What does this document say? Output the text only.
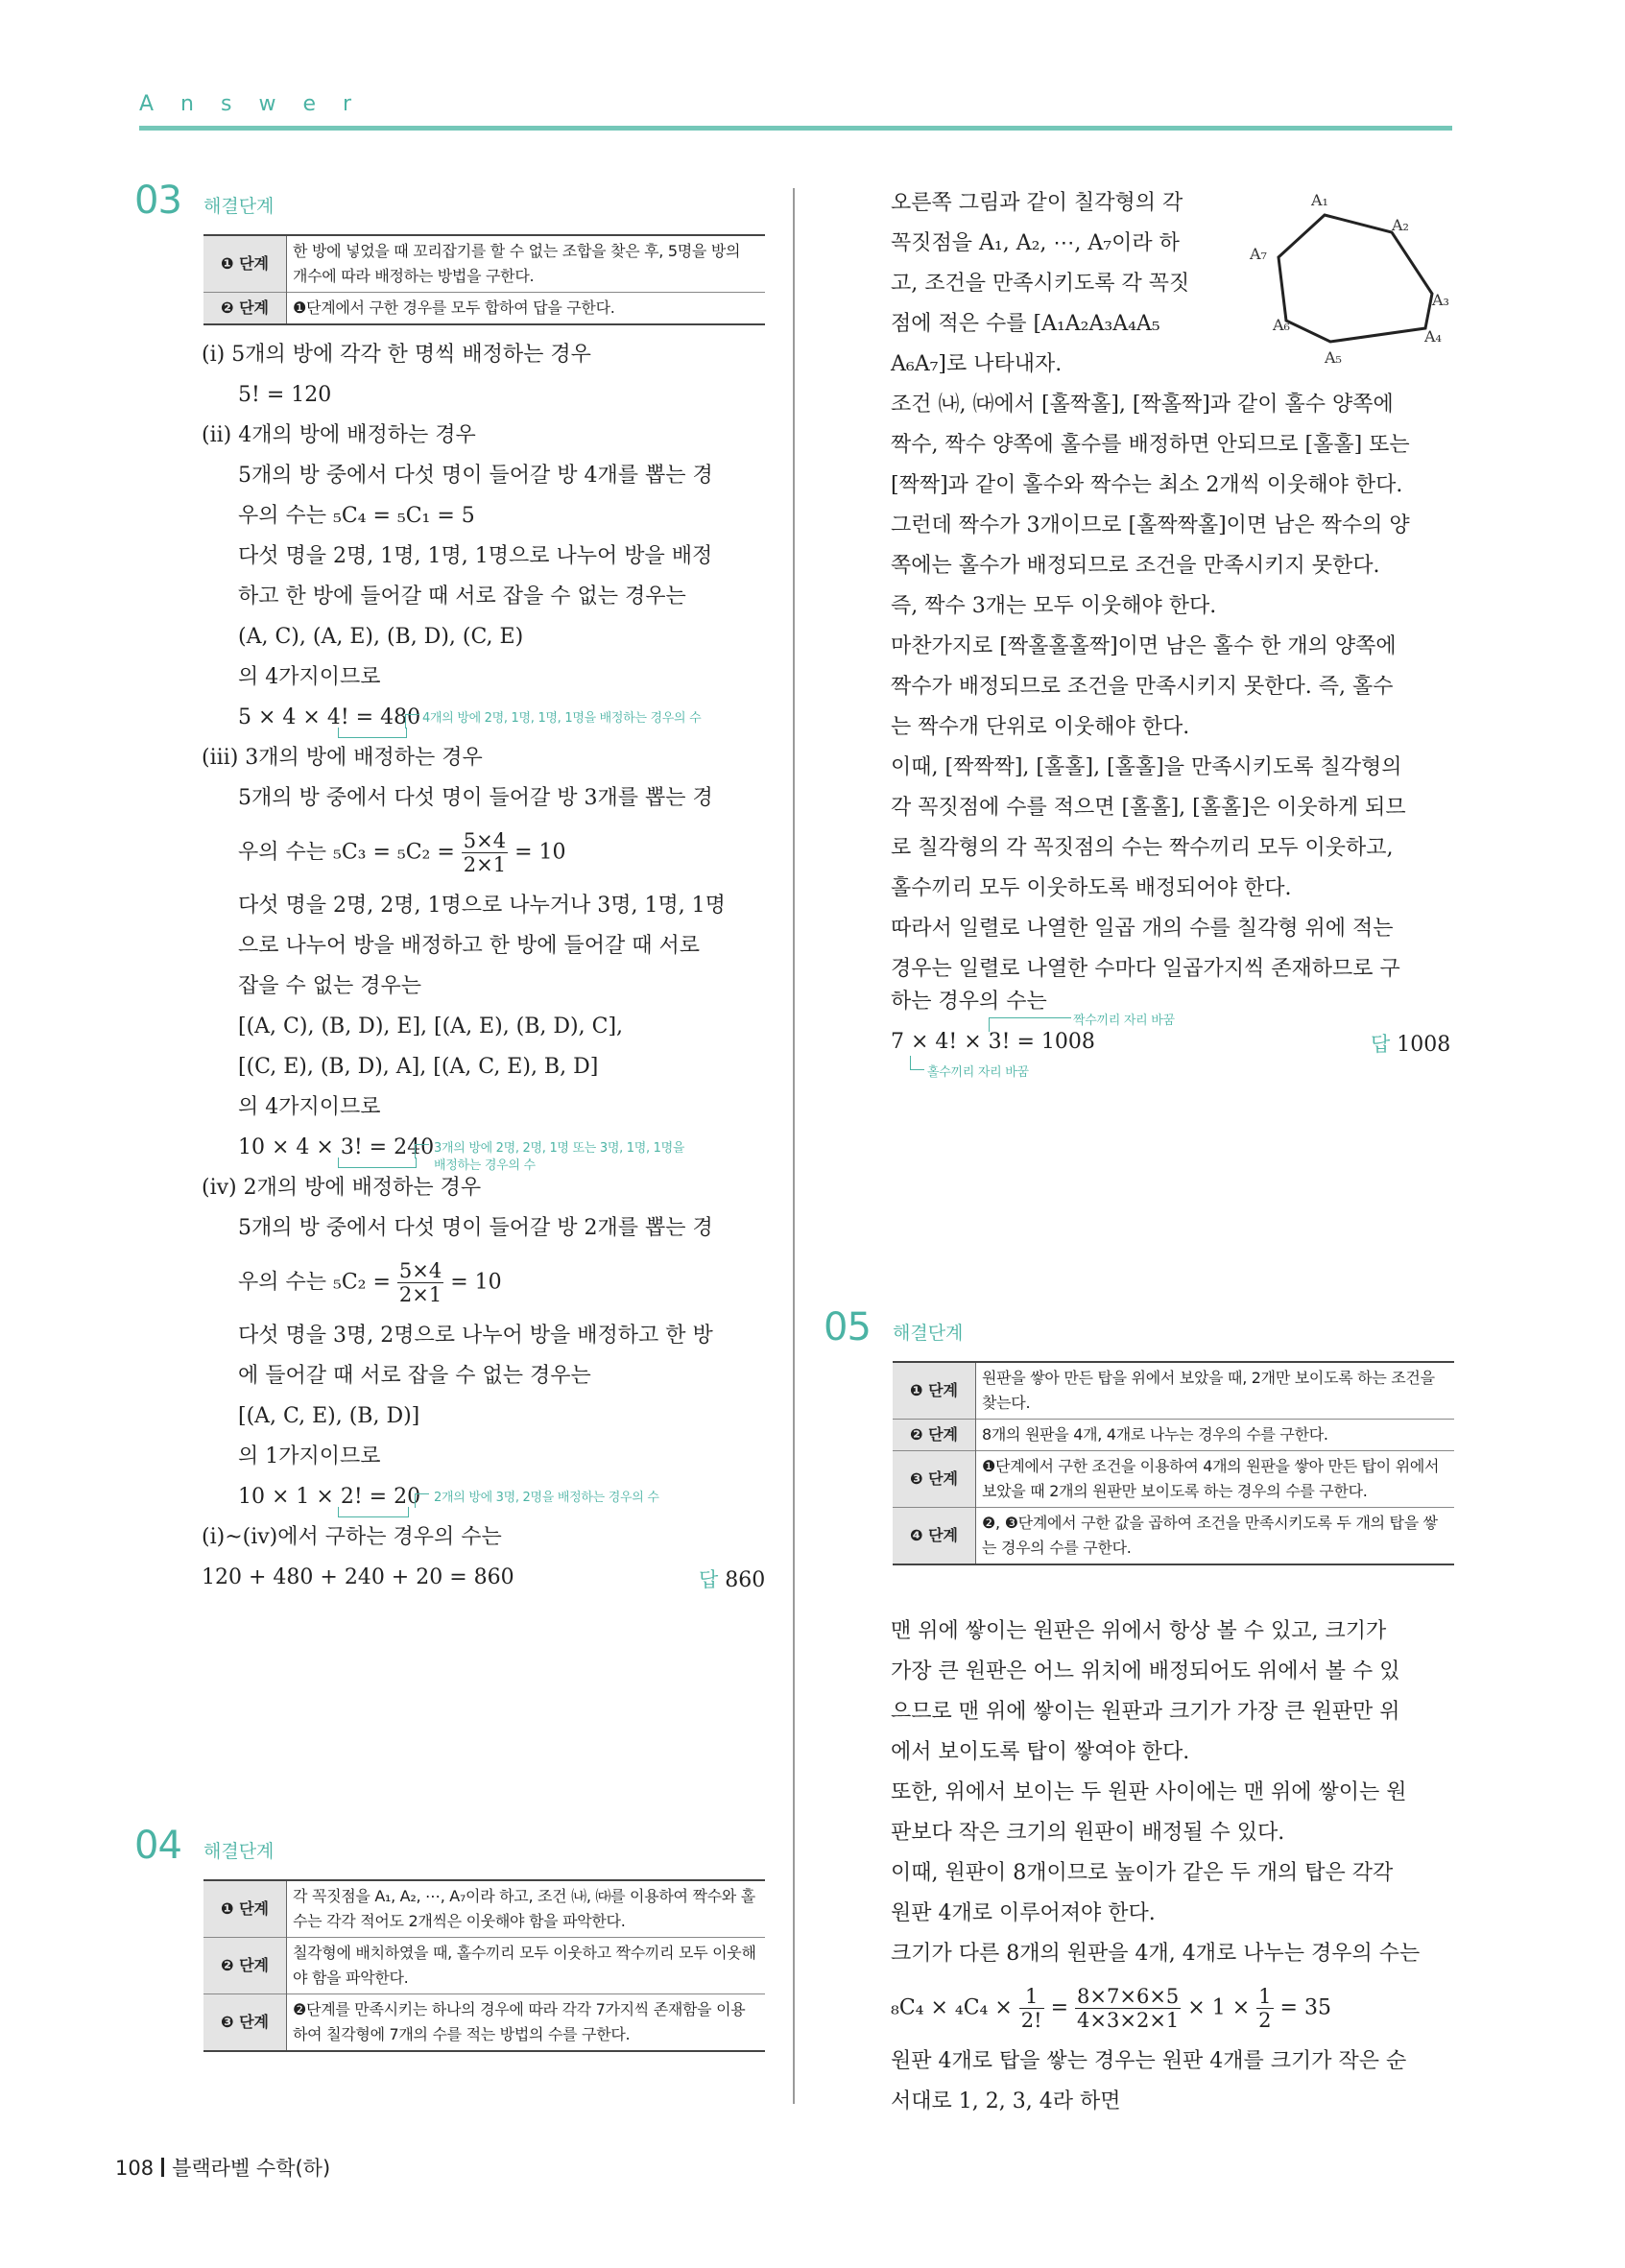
Answer
03 해결단계
❶ 단계	한 방에 넣었을 때 꼬리잡기를 할 수 없는 조합을 찾은 후, 5명을 방의 개수에 따라 배정하는 방법을 구한다.
❷ 단계	❶단계에서 구한 경우를 모두 합하여 답을 구한다.
(ⅰ) 5개의 방에 각각 한 명씩 배정하는 경우
5! = 120
(ⅱ) 4개의 방에 배정하는 경우
5개의 방 중에서 다섯 명이 들어갈 방 4개를 뽑는 경
우의 수는 ₅C₄ = ₅C₁ = 5
다섯 명을 2명, 1명, 1명, 1명으로 나누어 방을 배정
하고 한 방에 들어갈 때 서로 잡을 수 없는 경우는
(A, C), (A, E), (B, D), (C, E)
의 4가지이므로
5 × 4 × 4! = 480 4개의 방에 2명, 1명, 1명, 1명을 배정하는 경우의 수
(ⅲ) 3개의 방에 배정하는 경우
5개의 방 중에서 다섯 명이 들어갈 방 3개를 뽑는 경
우의 수는 $_5C_3 = _5C_2 = \frac{5\times 4}{2\times 1} = 10$
다섯 명을 2명, 2명, 1명으로 나누거나 3명, 1명, 1명
으로 나누어 방을 배정하고 한 방에 들어갈 때 서로
잡을 수 없는 경우는
[(A, C), (B, D), E], [(A, E), (B, D), C],
[(C, E), (B, D), A], [(A, C, E), B, D]
의 4가지이므로
10 × 4 × 3! = 240 3개의 방에 2명, 2명, 1명 또는 3명, 1명, 1명을
배정하는 경우의 수
(ⅳ) 2개의 방에 배정하는 경우
5개의 방 중에서 다섯 명이 들어갈 방 2개를 뽑는 경
우의 수는 $_5C_2 = \frac{5\times 4}{2\times 1} = 10$
다섯 명을 3명, 2명으로 나누어 방을 배정하고 한 방
에 들어갈 때 서로 잡을 수 없는 경우는
[(A, C, E), (B, D)]
의 1가지이므로
10 × 1 × 2! = 20 2개의 방에 3명, 2명을 배정하는 경우의 수
(ⅰ)~(ⅳ)에서 구하는 경우의 수는
120 + 480 + 240 + 20 = 860	답 860
04 해결단계
❶ 단계	각 꼭짓점을 A₁, A₂, ⋯, A₇이라 하고, 조건 ㈏, ㈐를 이용하여 짝수와 홀수는 각각 적어도 2개씩은 이웃해야 함을 파악한다.
❷ 단계	칠각형에 배치하였을 때, 홀수끼리 모두 이웃하고 짝수끼리 모두 이웃해야 함을 파악한다.
❸ 단계	❷단계를 만족시키는 하나의 경우에 따라 각각 7가지씩 존재함을 이용하여 칠각형에 7개의 수를 적는 방법의 수를 구한다.
오른쪽 그림과 같이 칠각형의 각
꼭짓점을 A₁, A₂, ⋯, A₇이라 하
고, 조건을 만족시키도록 각 꼭짓
점에 적은 수를 [A₁A₂A₃A₄A₅
A₆A₇]로 나타내자.
A₁
A₂
A₃
A₄
A₅
A₆
A₇
조건 ㈏, ㈐에서 [홀짝홀], [짝홀짝]과 같이 홀수 양쪽에
짝수, 짝수 양쪽에 홀수를 배정하면 안되므로 [홀홀] 또는
[짝짝]과 같이 홀수와 짝수는 최소 2개씩 이웃해야 한다.
그런데 짝수가 3개이므로 [홀짝짝홀]이면 남은 짝수의 양
쪽에는 홀수가 배정되므로 조건을 만족시키지 못한다.
즉, 짝수 3개는 모두 이웃해야 한다.
마찬가지로 [짝홀홀홀짝]이면 남은 홀수 한 개의 양쪽에
짝수가 배정되므로 조건을 만족시키지 못한다. 즉, 홀수
는 짝수개 단위로 이웃해야 한다.
이때, [짝짝짝], [홀홀], [홀홀]을 만족시키도록 칠각형의
각 꼭짓점에 수를 적으면 [홀홀], [홀홀]은 이웃하게 되므
로 칠각형의 각 꼭짓점의 수는 짝수끼리 모두 이웃하고,
홀수끼리 모두 이웃하도록 배정되어야 한다.
따라서 일렬로 나열한 일곱 개의 수를 칠각형 위에 적는
경우는 일렬로 나열한 수마다 일곱가지씩 존재하므로 구
하는 경우의 수는
짝수끼리 자리 바꿈
7 × 4! × 3! = 1008
홀수끼리 자리 바꿈
답 1008
05 해결단계
❶ 단계	원판을 쌓아 만든 탑을 위에서 보았을 때, 2개만 보이도록 하는 조건을 찾는다.
❷ 단계	8개의 원판을 4개, 4개로 나누는 경우의 수를 구한다.
❸ 단계	❶단계에서 구한 조건을 이용하여 4개의 원판을 쌓아 만든 탑이 위에서 보았을 때 2개의 원판만 보이도록 하는 경우의 수를 구한다.
❹ 단계	❷, ❸단계에서 구한 값을 곱하여 조건을 만족시키도록 두 개의 탑을 쌓는 경우의 수를 구한다.
맨 위에 쌓이는 원판은 위에서 항상 볼 수 있고, 크기가
가장 큰 원판은 어느 위치에 배정되어도 위에서 볼 수 있
으므로 맨 위에 쌓이는 원판과 크기가 가장 큰 원판만 위
에서 보이도록 탑이 쌓여야 한다.
또한, 위에서 보이는 두 원판 사이에는 맨 위에 쌓이는 원
판보다 작은 크기의 원판이 배정될 수 있다.
이때, 원판이 8개이므로 높이가 같은 두 개의 탑은 각각
원판 4개로 이루어져야 한다.
크기가 다른 8개의 원판을 4개, 4개로 나누는 경우의 수는
$_8C_4 \times _4C_4 \times \frac{1}{2!} = \frac{8\times 7\times 6\times 5}{4\times 3\times 2\times 1} \times 1 \times \frac{1}{2} = 35$
원판 4개로 탑을 쌓는 경우는 원판 4개를 크기가 작은 순
서대로 1, 2, 3, 4라 하면
108 블랙라벨 수학(하)
